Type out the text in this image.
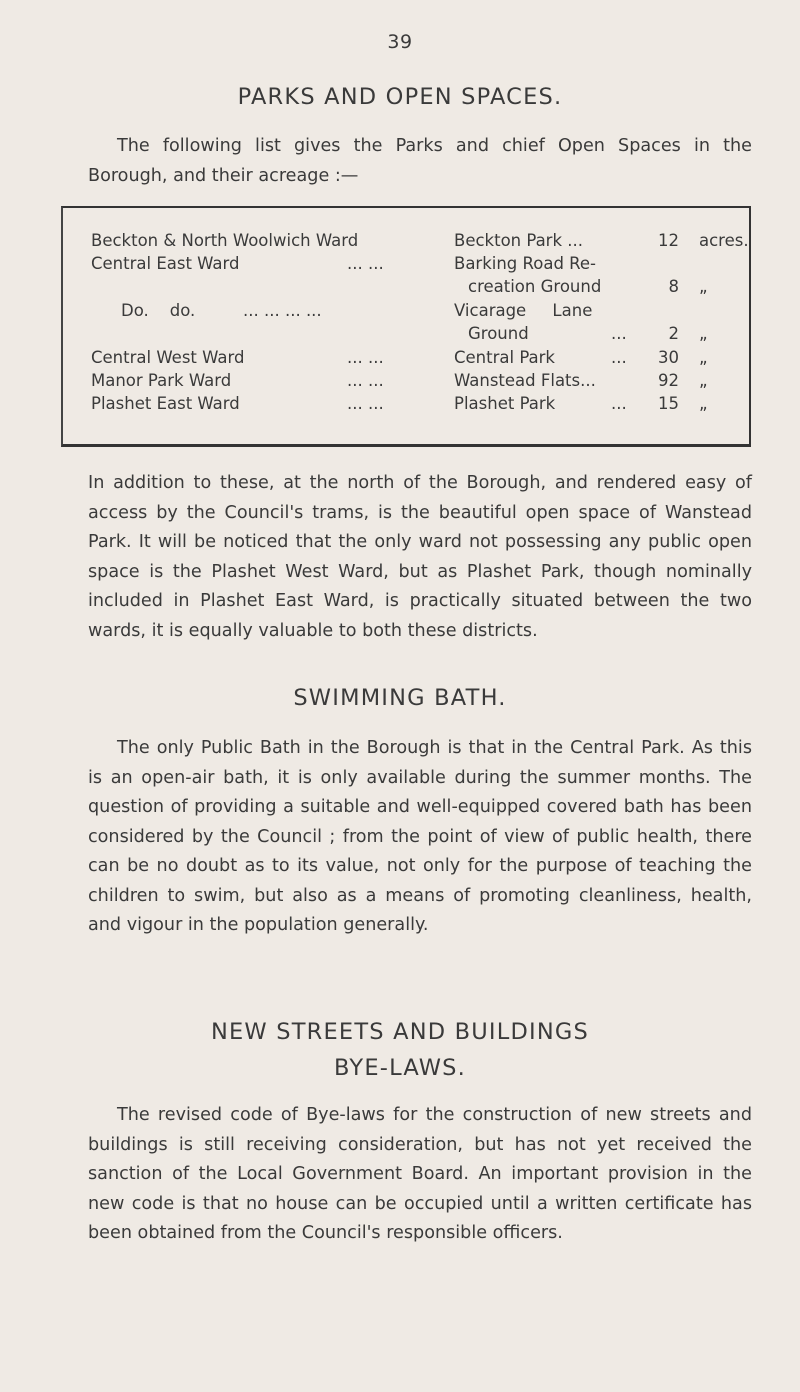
39
PARKS AND OPEN SPACES.

The following list gives the Parks and chief Open Spaces in the Borough, and their acreage :—

Beckton & North Woolwich Ward	Beckton Park ...	12 acres.
Central East Ward	... ...	Barking Road Re-
creation Ground	8 „
Do.    do.	... ... ... ...	Vicarage     Lane
Ground	...	2 „
Central West Ward	... ...	Central Park	...	30 „
Manor Park Ward	... ...	Wanstead Flats...	92 „
Plashet East Ward	... ...	Plashet Park	...	15 „

In addition to these, at the north of the Borough, and rendered easy of access by the Council's trams, is the beautiful open space of Wanstead Park. It will be noticed that the only ward not possessing any public open space is the Plashet West Ward, but as Plashet Park, though nominally included in Plashet East Ward, is practically situated between the two wards, it is equally valuable to both these districts.

SWIMMING BATH.

The only Public Bath in the Borough is that in the Central Park. As this is an open-air bath, it is only available during the summer months. The question of providing a suitable and well-equipped covered bath has been considered by the Council ; from the point of view of public health, there can be no doubt as to its value, not only for the purpose of teaching the children to swim, but also as a means of promoting cleanliness, health, and vigour in the population generally.

NEW STREETS AND BUILDINGS
BYE-LAWS.

The revised code of Bye-laws for the construction of new streets and buildings is still receiving consideration, but has not yet received the sanction of the Local Government Board. An important provision in the new code is that no house can be occupied until a written certificate has been obtained from the Council's responsible officers.
